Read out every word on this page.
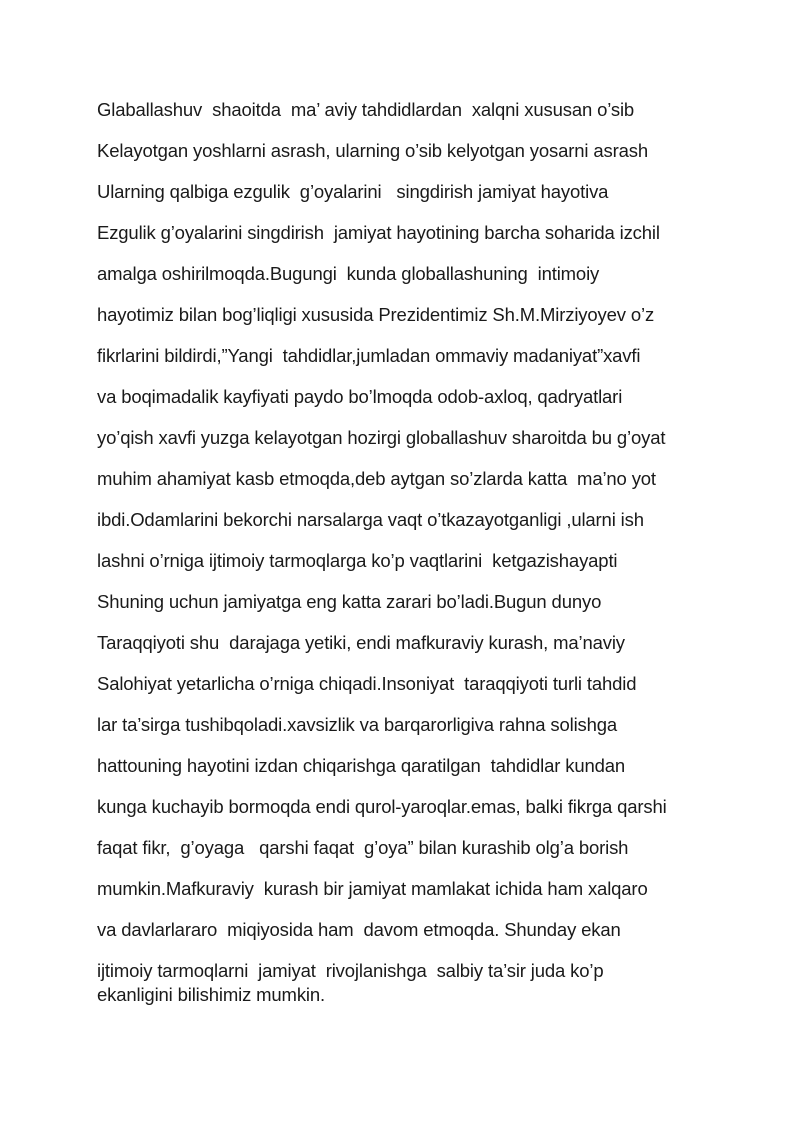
Glaballashuv  shaoitda  ma’ aviy tahdidlardan  xalqni xususan o’sib
Kelayotgan yoshlarni asrash, ularning o’sib kelyotgan yosarni asrash
Ularning qalbiga ezgulik  g’oyalarini   singdirish jamiyat hayotiva
Ezgulik g’oyalarini singdirish  jamiyat hayotining barcha soharida izchil
amalga oshirilmoqda.Bugungi  kunda globallashuning  intimoiy
hayotimiz bilan bog’liqligi xususida Prezidentimiz Sh.M.Mirziyoyev o’z
fikrlarini bildirdi,”Yangi  tahdidlar,jumladan ommaviy madaniyat”xavfi
va boqimadalik kayfiyati paydo bo’lmoqda odob-axloq, qadryatlari
yo’qish xavfi yuzga kelayotgan hozirgi globallashuv sharoitda bu g’oyat
muhim ahamiyat kasb etmoqda,deb aytgan so’zlarda katta  ma’no yot
ibdi.Odamlarini bekorchi narsalarga vaqt o’tkazayotganligi ,ularni ish
lashni o’rniga ijtimoiy tarmoqlarga ko’p vaqtlarini  ketgazishayapti
Shuning uchun jamiyatga eng katta zarari bo’ladi.Bugun dunyo
Taraqqiyoti shu  darajaga yetiki, endi mafkuraviy kurash, ma’naviy
Salohiyat yetarlicha o’rniga chiqadi.Insoniyat  taraqqiyoti turli tahdid
lar ta’sirga tushibqoladi.xavsizlik va barqarorligiva rahna solishga
hattouning hayotini izdan chiqarishga qaratilgan  tahdidlar kundan
kunga kuchayib bormoqda endi qurol-yaroqlar.emas, balki fikrga qarshi
faqat fikr,  g’oyaga   qarshi faqat  g’oya” bilan kurashib olg’a borish
mumkin.Mafkuraviy  kurash bir jamiyat mamlakat ichida ham xalqaro
va davlarlararo  miqiyosida ham  davom etmoqda. Shunday ekan
ijtimoiy tarmoqlarni  jamiyat  rivojlanishga  salbiy ta’sir juda ko’p
ekanligini bilishimiz mumkin.
